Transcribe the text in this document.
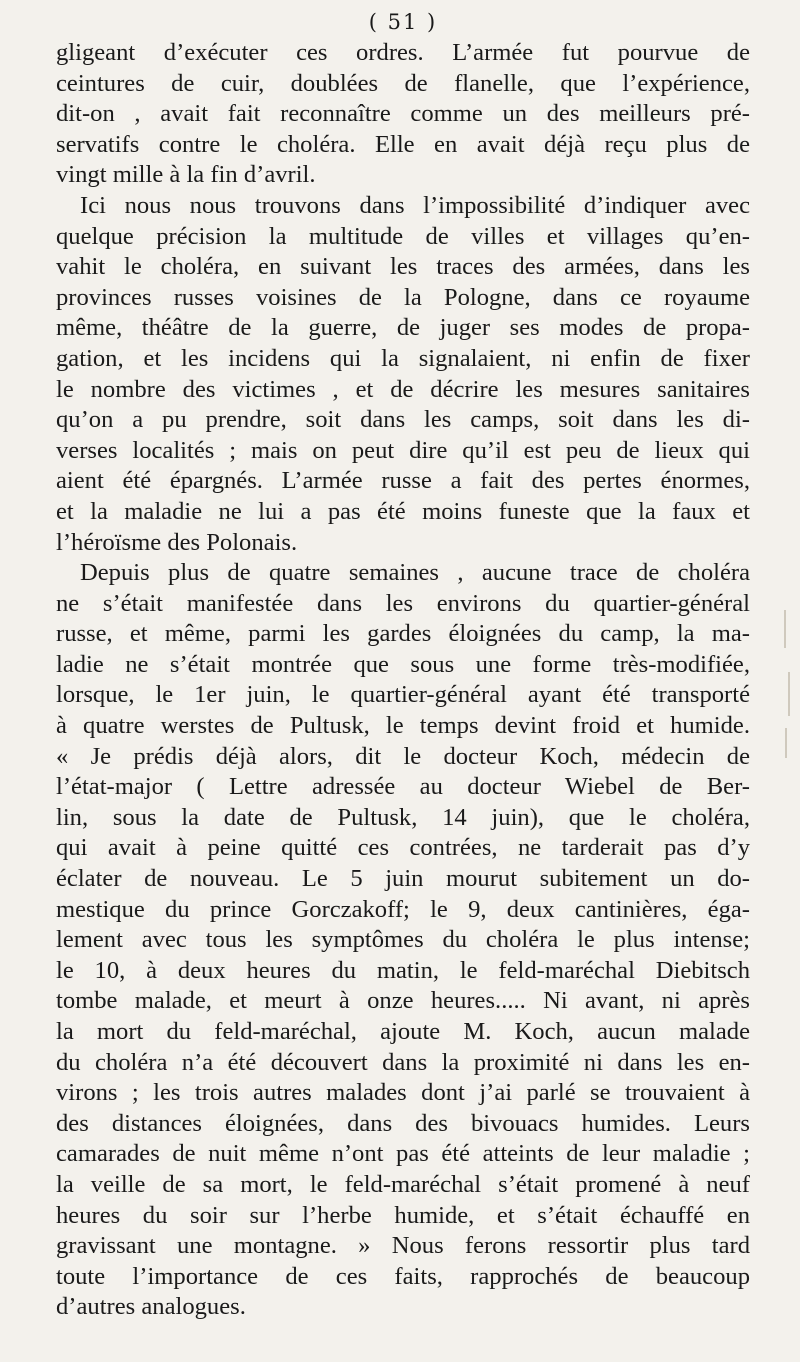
( 51 )
gligeant d’exécuter ces ordres. L’armée fut pourvue de
ceintures de cuir, doublées de flanelle, que l’expérience,
dit-on , avait fait reconnaître comme un des meilleurs pré-
servatifs contre le choléra. Elle en avait déjà reçu plus de
vingt mille à la fin d’avril.
Ici nous nous trouvons dans l’impossibilité d’indiquer avec
quelque précision la multitude de villes et villages qu’en-
vahit le choléra, en suivant les traces des armées, dans les
provinces russes voisines de la Pologne, dans ce royaume
même, théâtre de la guerre, de juger ses modes de propa-
gation, et les incidens qui la signalaient, ni enfin de fixer
le nombre des victimes , et de décrire les mesures sanitaires
qu’on a pu prendre, soit dans les camps, soit dans les di-
verses localités ; mais on peut dire qu’il est peu de lieux qui
aient été épargnés. L’armée russe a fait des pertes énormes,
et la maladie ne lui a pas été moins funeste que la faux et
l’héroïsme des Polonais.
Depuis plus de quatre semaines , aucune trace de choléra
ne s’était manifestée dans les environs du quartier-général
russe, et même, parmi les gardes éloignées du camp, la ma-
ladie ne s’était montrée que sous une forme très-modifiée,
lorsque, le 1er juin, le quartier-général ayant été transporté
à quatre werstes de Pultusk, le temps devint froid et humide.
« Je prédis déjà alors, dit le docteur Koch, médecin de
l’état-major ( Lettre adressée au docteur Wiebel de Ber-
lin, sous la date de Pultusk, 14 juin), que le choléra,
qui avait à peine quitté ces contrées, ne tarderait pas d’y
éclater de nouveau. Le 5 juin mourut subitement un do-
mestique du prince Gorczakoff; le 9, deux cantinières, éga-
lement avec tous les symptômes du choléra le plus intense;
le 10, à deux heures du matin, le feld-maréchal Diebitsch
tombe malade, et meurt à onze heures..... Ni avant, ni après
la mort du feld-maréchal, ajoute M. Koch, aucun malade
du choléra n’a été découvert dans la proximité ni dans les en-
virons ; les trois autres malades dont j’ai parlé se trouvaient à
des distances éloignées, dans des bivouacs humides. Leurs
camarades de nuit même n’ont pas été atteints de leur maladie ;
la veille de sa mort, le feld-maréchal s’était promené à neuf
heures du soir sur l’herbe humide, et s’était échauffé en
gravissant une montagne. » Nous ferons ressortir plus tard
toute l’importance de ces faits, rapprochés de beaucoup
d’autres analogues.
